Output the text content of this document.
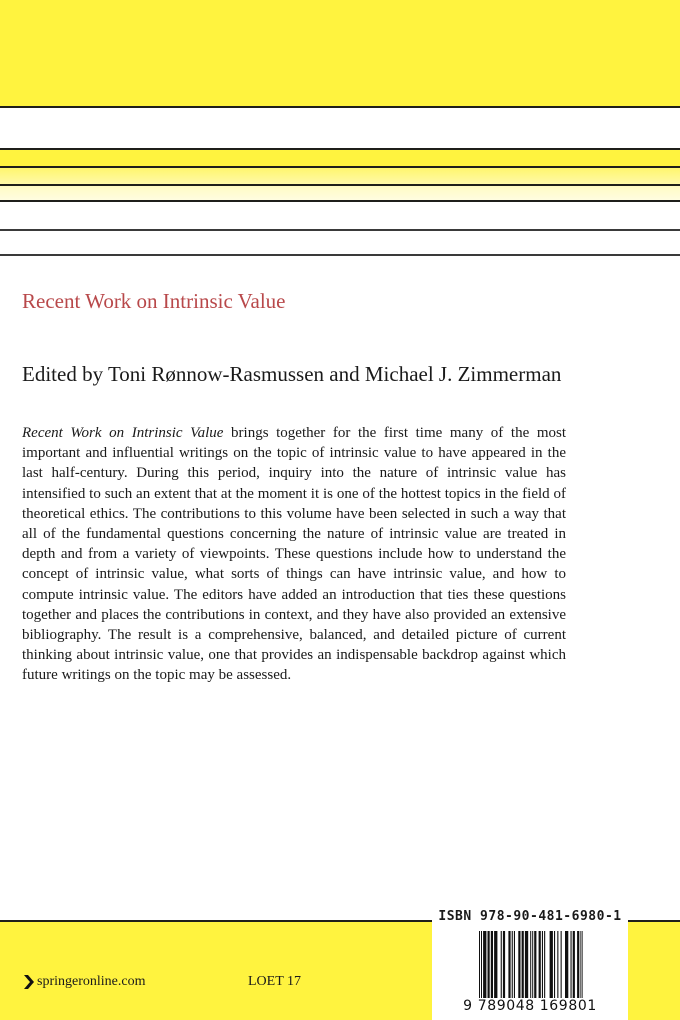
Recent Work on Intrinsic Value
Edited by Toni Rønnow-Rasmussen and Michael J. Zimmerman

Recent Work on Intrinsic Value brings together for the first time many of the most important and influential writings on the topic of intrinsic value to have appeared in the last half-century. During this period, inquiry into the nature of intrinsic value has intensified to such an extent that at the moment it is one of the hottest topics in the field of theoretical ethics. The contributions to this volume have been selected in such a way that all of the fundamental questions concerning the nature of intrinsic value are treated in depth and from a variety of viewpoints. These questions include how to understand the concept of intrinsic value, what sorts of things can have intrinsic value, and how to compute intrinsic value. The editors have added an introduction that ties these questions together and places the contributions in context, and they have also provided an extensive bibliography. The result is a comprehensive, balanced, and detailed picture of current thinking about intrinsic value, one that provides an indispensable backdrop against which future writings on the topic may be assessed.

ISBN 978-90-481-6980-1
9 789048 169801
springeronline.com	LOET 17
